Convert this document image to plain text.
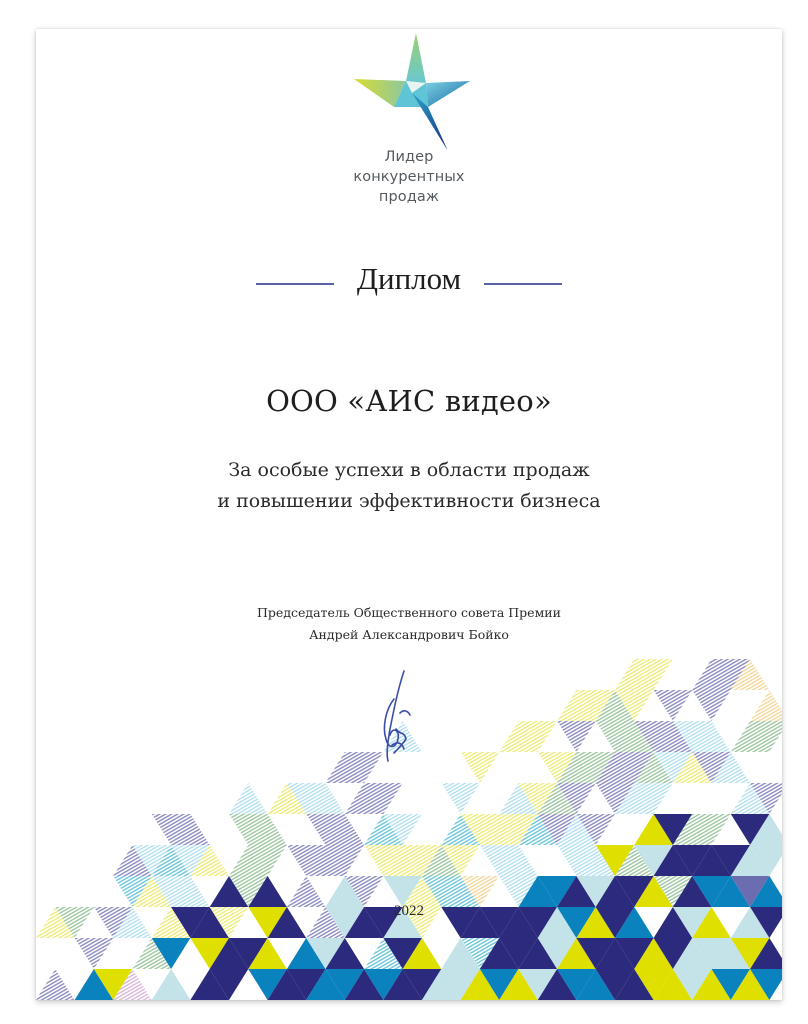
Лидер
конкурентных
продаж
Диплом
ООО «АИС видео»
За особые успехи в области продаж
и повышении эффективности бизнеса
Председатель Общественного совета Премии
Андрей Александрович Бойко
2022
